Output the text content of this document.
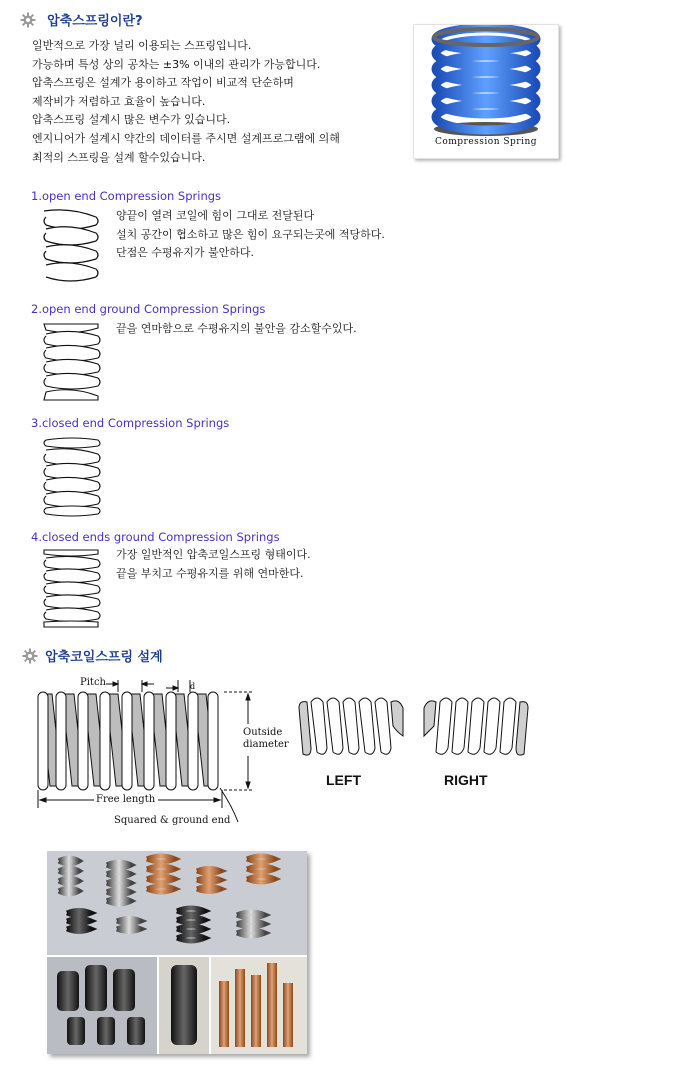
압축스프링이란?
일반적으로 가장 널리 이용되는 스프링입니다.
가능하며 특성 상의 공차는 ±3% 이내의 관리가 가능합니다.
압축스프링은 설계가 용이하고 작업이 비교적 단순하며
제작비가 저렴하고 효율이 높습니다.
압축스프링 설계시 많은 변수가 있습니다.
엔지니어가 설계시 약간의 데이터를 주시면 설계프로그램에 의해
최적의 스프링을 설계 할수있습니다.
Compression Spring
1.open end Compression Springs
양끝이 열려 코일에 힘이 그대로 전달된다
설치 공간이 협소하고 많은 힘이 요구되는곳에 적당하다.
단점은 수평유지가 불안하다.
2.open end ground Compression Springs
끝을 연마함으로 수평유지의 불안을 감소할수있다.
3.closed end Compression Springs
4.closed ends ground Compression Springs
가장 일반적인 압축코일스프링 형태이다.
끝을 부치고 수평유지를 위해 연마한다.
압축코일스프링 설계
Pitch	d
Outside
diameter
Free length
Squared & ground end
LEFT	RIGHT
